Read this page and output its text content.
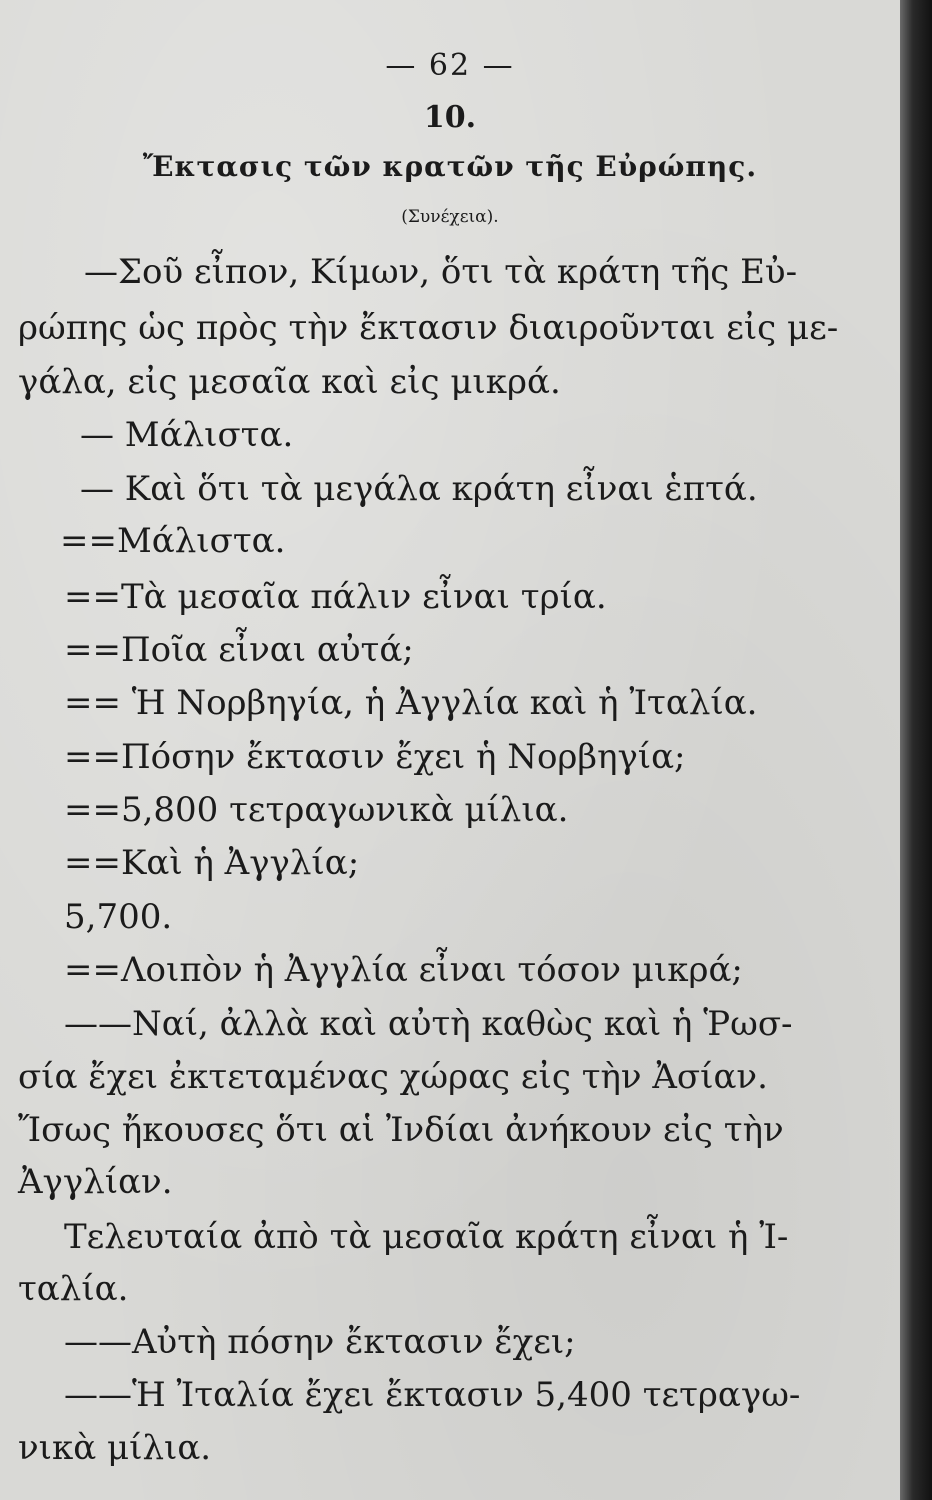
— 62 —
10.
Ἔκτασις τῶν κρατῶν τῆς Εὐρώπης.
(Συνέχεια).
—Σοῦ εἶπον, Κίμων, ὅτι τὰ κράτη τῆς Εὐ-
ρώπης ὡς πρὸς τὴν ἔκτασιν διαιροῦνται εἰς με-
γάλα, εἰς μεσαῖα καὶ εἰς μικρά.
— Μάλιστα.
— Καὶ ὅτι τὰ μεγάλα κράτη εἶναι ἑπτά.
==Μάλιστα.
==Τὰ μεσαῖα πάλιν εἶναι τρία.
==Ποῖα εἶναι αὐτά;
== Ἡ Νορβηγία, ἡ Ἀγγλία καὶ ἡ Ἰταλία.
==Πόσην ἔκτασιν ἔχει ἡ Νορβηγία;
==5,800 τετραγωνικὰ μίλια.
==Καὶ ἡ Ἀγγλία;
5,700.
==Λοιπὸν ἡ Ἀγγλία εἶναι τόσον μικρά;
——Ναί, ἀλλὰ καὶ αὐτὴ καθὼς καὶ ἡ Ῥωσ-
σία ἔχει ἐκτεταμένας χώρας εἰς τὴν Ἀσίαν.
Ἴσως ἤκουσες ὅτι αἱ Ἰνδίαι ἀνήκουν εἰς τὴν
Ἀγγλίαν.
Τελευταία ἀπὸ τὰ μεσαῖα κράτη εἶναι ἡ Ἰ-
ταλία.
——Αὐτὴ πόσην ἔκτασιν ἔχει;
——Ἡ Ἰταλία ἔχει ἔκτασιν 5,400 τετραγω-
νικὰ μίλια.
